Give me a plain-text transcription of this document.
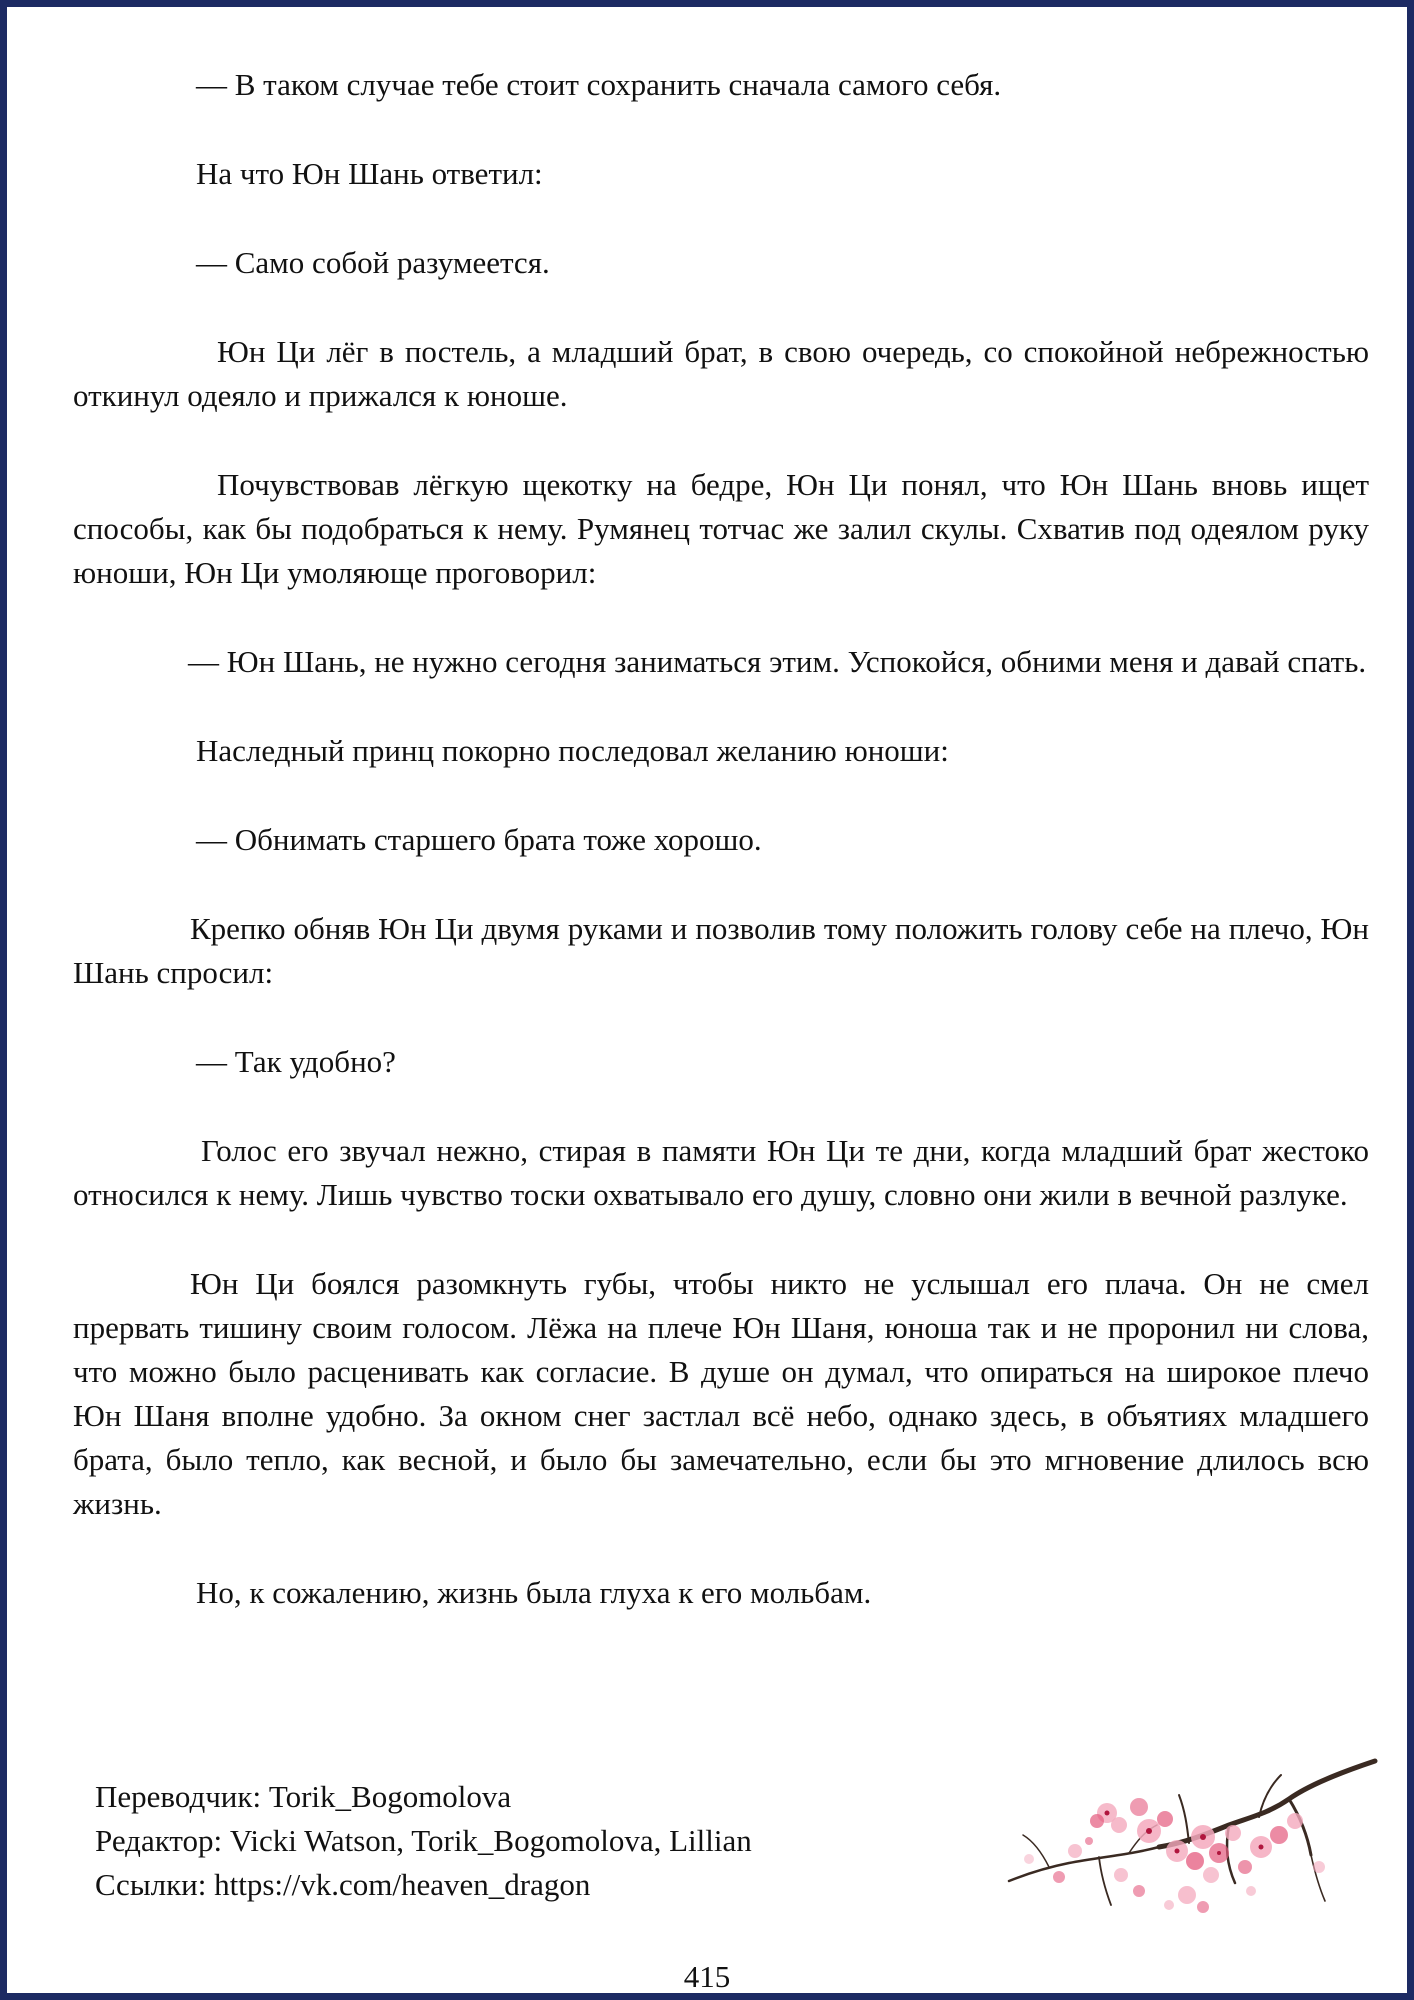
— В таком случае тебе стоит сохранить сначала самого себя.

На что Юн Шань ответил:

— Само собой разумеется.

Юн Ци лёг в постель, а младший брат, в свою очередь, со спокойной небрежностью откинул одеяло и прижался к юноше.

Почувствовав лёгкую щекотку на бедре, Юн Ци понял, что Юн Шань вновь ищет способы, как бы подобраться к нему. Румянец тотчас же залил скулы. Схватив под одеялом руку юноши, Юн Ци умоляюще проговорил:

— Юн Шань, не нужно сегодня заниматься этим. Успокойся, обними меня и давай спать.

Наследный принц покорно последовал желанию юноши:

— Обнимать старшего брата тоже хорошо.

Крепко обняв Юн Ци двумя руками и позволив тому положить голову себе на плечо, Юн Шань спросил:

— Так удобно?

Голос его звучал нежно, стирая в памяти Юн Ци те дни, когда младший брат жестоко относился к нему. Лишь чувство тоски охватывало его душу, словно они жили в вечной разлуке.

Юн Ци боялся разомкнуть губы, чтобы никто не услышал его плача. Он не смел прервать тишину своим голосом. Лёжа на плече Юн Шаня, юноша так и не проронил ни слова, что можно было расценивать как согласие. В душе он думал, что опираться на широкое плечо Юн Шаня вполне удобно. За окном снег застлал всё небо, однако здесь, в объятиях младшего брата, было тепло, как весной, и было бы замечательно, если бы это мгновение длилось всю жизнь.

Но, к сожалению, жизнь была глуха к его мольбам.

Переводчик: Torik_Bogomolova
Редактор: Vicki Watson, Torik_Bogomolova, Lillian
Ссылки: https://vk.com/heaven_dragon
415
